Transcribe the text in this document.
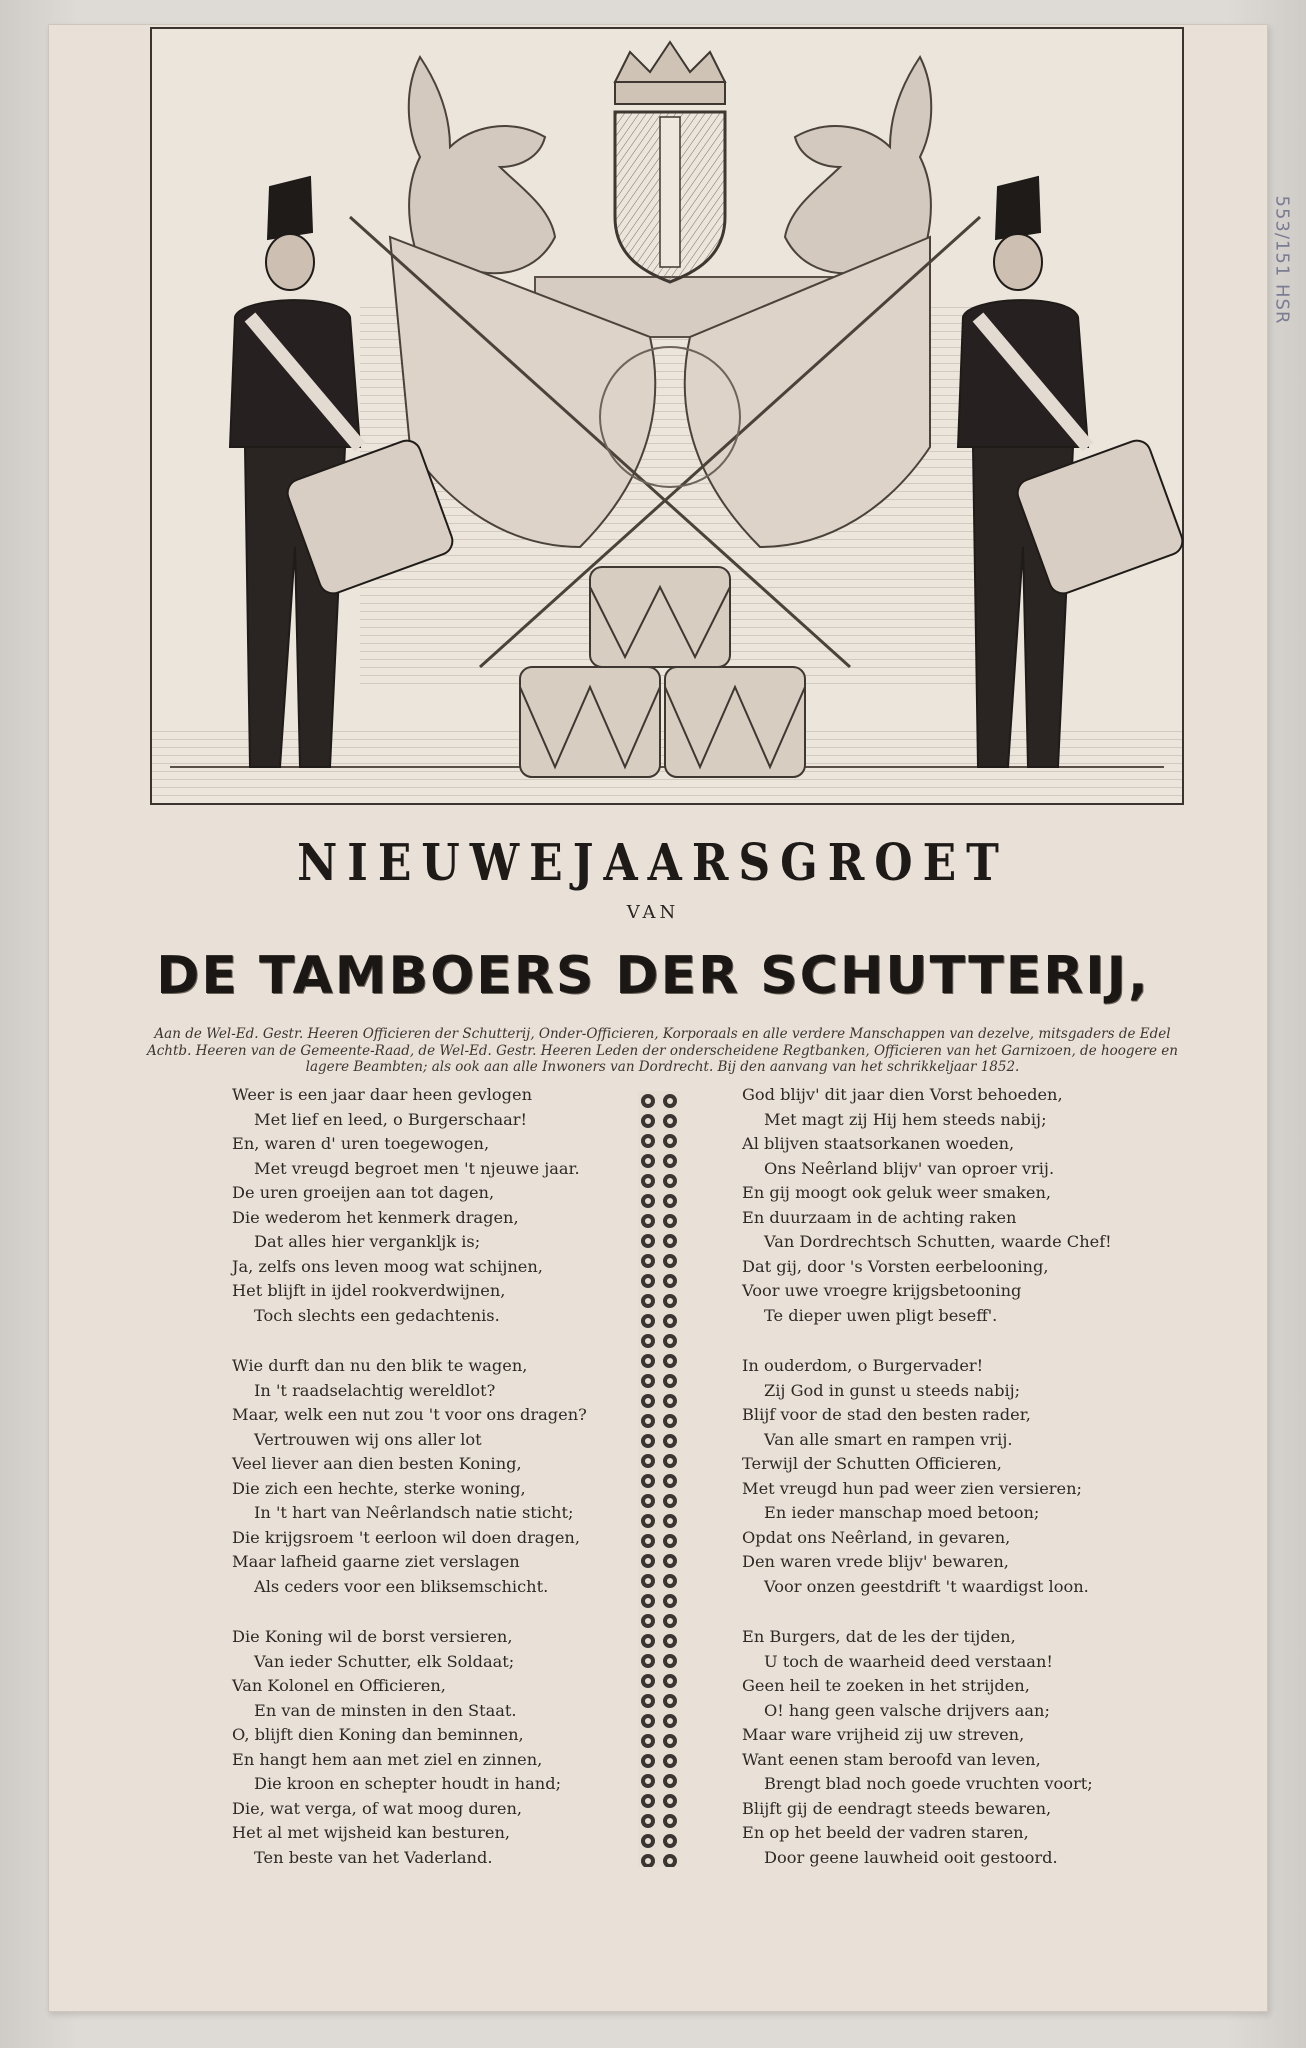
553/151 HSR
NIEUWEJAARSGROET
VAN
DE TAMBOERS DER SCHUTTERIJ,
Aan de Wel-Ed. Gestr. Heeren Officieren der Schutterij, Onder-Officieren, Korporaals en alle verdere Manschappen van dezelve, mitsgaders de Edel Achtb. Heeren van de Gemeente-Raad, de Wel-Ed. Gestr. Heeren Leden der onderscheidene Regtbanken, Officieren van het Garnizoen, de hoogere en lagere Beambten; als ook aan alle Inwoners van Dordrecht. Bij den aanvang van het schrikkeljaar 1852.
Weer is een jaar daar heen gevlogen
Met lief en leed, o Burgerschaar!
En, waren d' uren toegewogen,
Met vreugd begroet men 't njeuwe jaar.
De uren groeijen aan tot dagen,
Die wederom het kenmerk dragen,
Dat alles hier vergankljk is;
Ja, zelfs ons leven moog wat schijnen,
Het blijft in ijdel rookverdwijnen,
Toch slechts een gedachtenis.
Wie durft dan nu den blik te wagen,
In 't raadselachtig wereldlot?
Maar, welk een nut zou 't voor ons dragen?
Vertrouwen wij ons aller lot
Veel liever aan dien besten Koning,
Die zich een hechte, sterke woning,
In 't hart van Neêrlandsch natie sticht;
Die krijgsroem 't eerloon wil doen dragen,
Maar lafheid gaarne ziet verslagen
Als ceders voor een bliksemschicht.
Die Koning wil de borst versieren,
Van ieder Schutter, elk Soldaat;
Van Kolonel en Officieren,
En van de minsten in den Staat.
O, blijft dien Koning dan beminnen,
En hangt hem aan met ziel en zinnen,
Die kroon en schepter houdt in hand;
Die, wat verga, of wat moog duren,
Het al met wijsheid kan besturen,
Ten beste van het Vaderland.
God blijv' dit jaar dien Vorst behoeden,
Met magt zij Hij hem steeds nabij;
Al blijven staatsorkanen woeden,
Ons Neêrland blijv' van oproer vrij.
En gij moogt ook geluk weer smaken,
En duurzaam in de achting raken
Van Dordrechtsch Schutten, waarde Chef!
Dat gij, door 's Vorsten eerbelooning,
Voor uwe vroegre krijgsbetooning
Te dieper uwen pligt beseff'.
In ouderdom, o Burgervader!
Zij God in gunst u steeds nabij;
Blijf voor de stad den besten rader,
Van alle smart en rampen vrij.
Terwijl der Schutten Officieren,
Met vreugd hun pad weer zien versieren;
En ieder manschap moed betoon;
Opdat ons Neêrland, in gevaren,
Den waren vrede blijv' bewaren,
Voor onzen geestdrift 't waardigst loon.
En Burgers, dat de les der tijden,
U toch de waarheid deed verstaan!
Geen heil te zoeken in het strijden,
O! hang geen valsche drijvers aan;
Maar ware vrijheid zij uw streven,
Want eenen stam beroofd van leven,
Brengt blad noch goede vruchten voort;
Blijft gij de eendragt steeds bewaren,
En op het beeld der vadren staren,
Door geene lauwheid ooit gestoord.
